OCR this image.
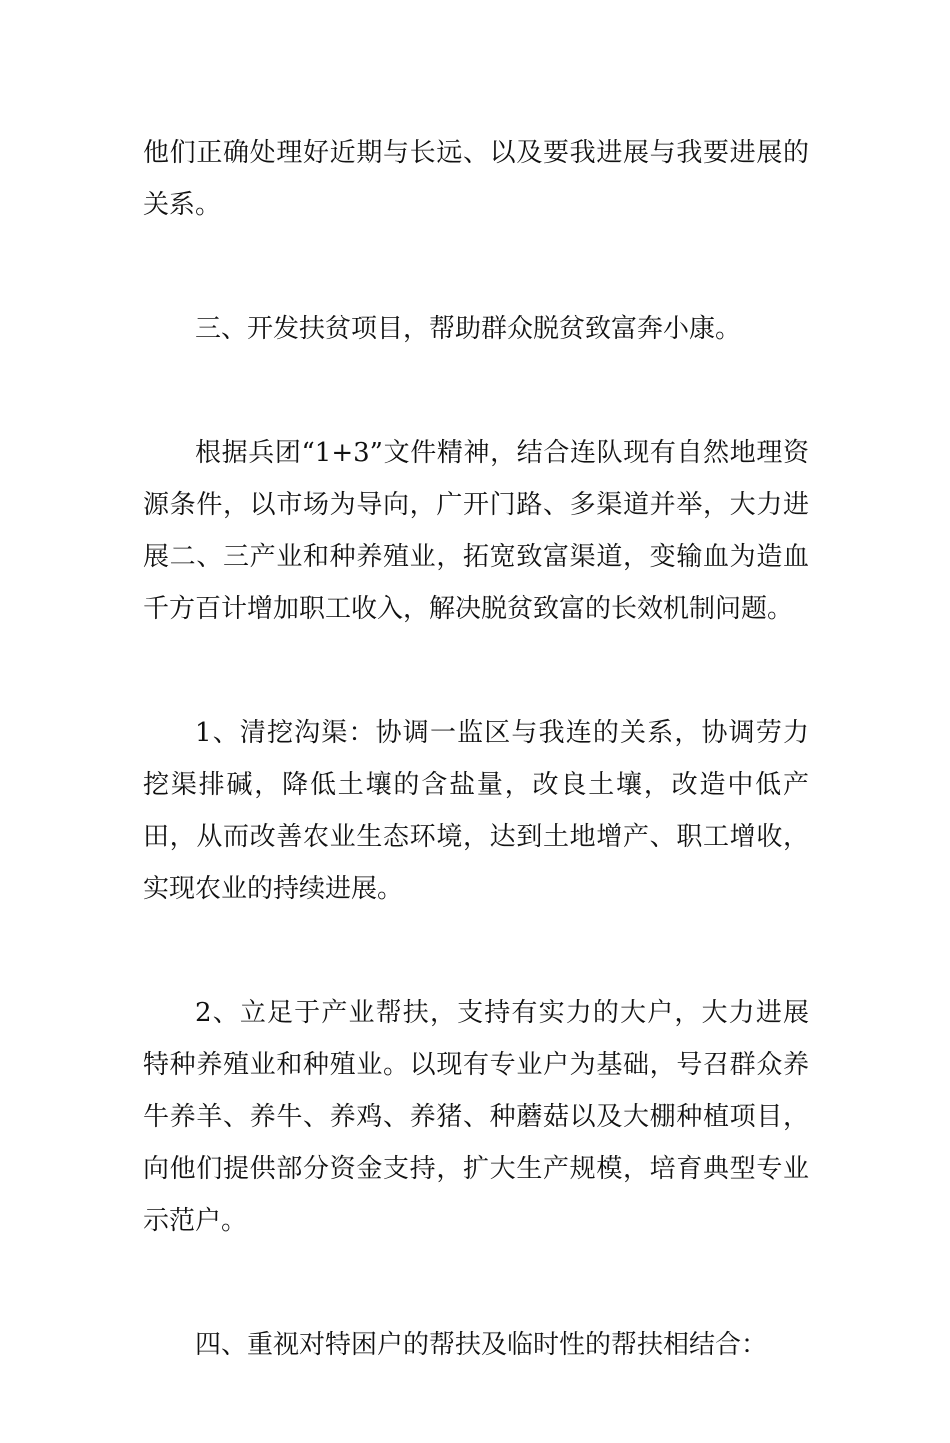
他们正确处理好近期与长远、以及要我进展与我要进展的关系。

三、开发扶贫项目，帮助群众脱贫致富奔小康。

根据兵团“1+3”文件精神，结合连队现有自然地理资源条件，以市场为导向，广开门路、多渠道并举，大力进展二、三产业和种养殖业，拓宽致富渠道，变输血为造血千方百计增加职工收入，解决脱贫致富的长效机制问题。

1、清挖沟渠：协调一监区与我连的关系，协调劳力挖渠排碱，降低土壤的含盐量，改良土壤，改造中低产田，从而改善农业生态环境，达到土地增产、职工增收，实现农业的持续进展。

2、立足于产业帮扶，支持有实力的大户，大力进展特种养殖业和种殖业。以现有专业户为基础，号召群众养牛养羊、养牛、养鸡、养猪、种蘑菇以及大棚种植项目，向他们提供部分资金支持，扩大生产规模，培育典型专业示范户。

四、重视对特困户的帮扶及临时性的帮扶相结合：
